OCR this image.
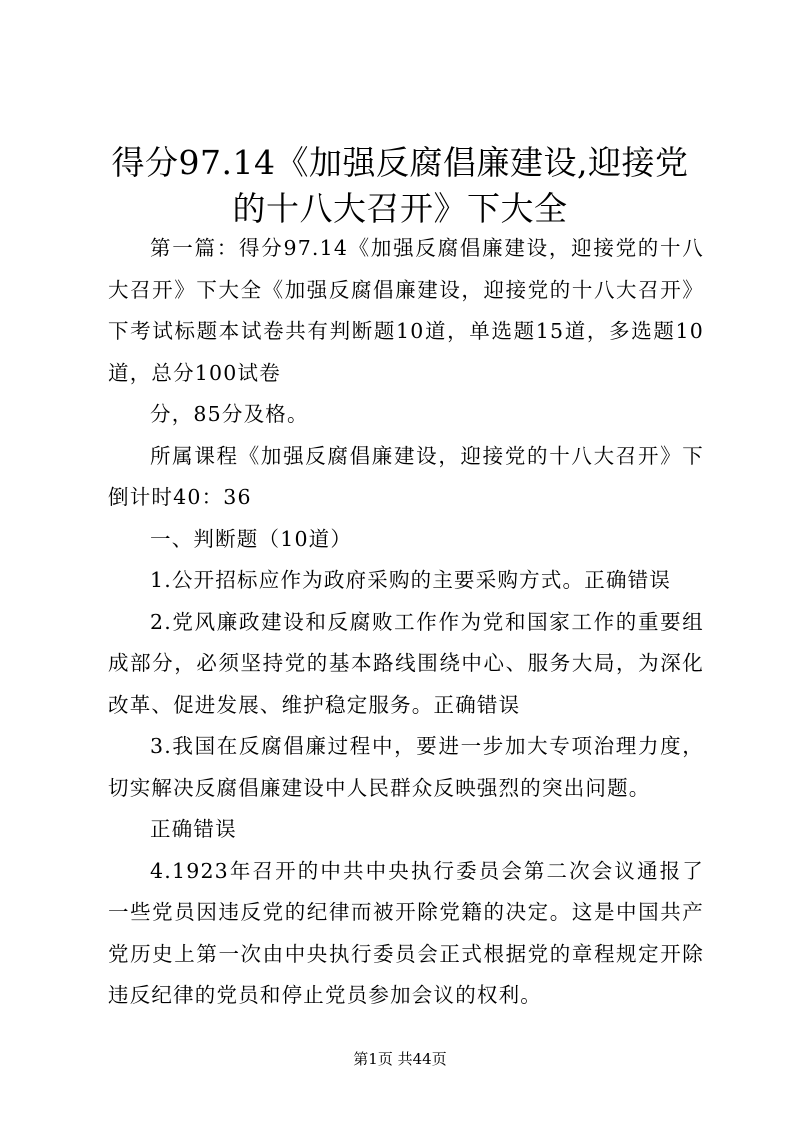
得分97.14《加强反腐倡廉建设,迎接党的十八大召开》下大全

第一篇：得分97.14《加强反腐倡廉建设，迎接党的十八大召开》下大全《加强反腐倡廉建设，迎接党的十八大召开》下考试标题本试卷共有判断题10道，单选题15道，多选题10道，总分100试卷

分，85分及格。

所属课程《加强反腐倡廉建设，迎接党的十八大召开》下倒计时40：36

一、判断题（10道）

1.公开招标应作为政府采购的主要采购方式。正确错误

2.党风廉政建设和反腐败工作作为党和国家工作的重要组成部分，必须坚持党的基本路线围绕中心、服务大局，为深化改革、促进发展、维护稳定服务。正确错误

3.我国在反腐倡廉过程中，要进一步加大专项治理力度，切实解决反腐倡廉建设中人民群众反映强烈的突出问题。

正确错误

4.1923年召开的中共中央执行委员会第二次会议通报了一些党员因违反党的纪律而被开除党籍的决定。这是中国共产党历史上第一次由中央执行委员会正式根据党的章程规定开除违反纪律的党员和停止党员参加会议的权利。

第1页 共44页
